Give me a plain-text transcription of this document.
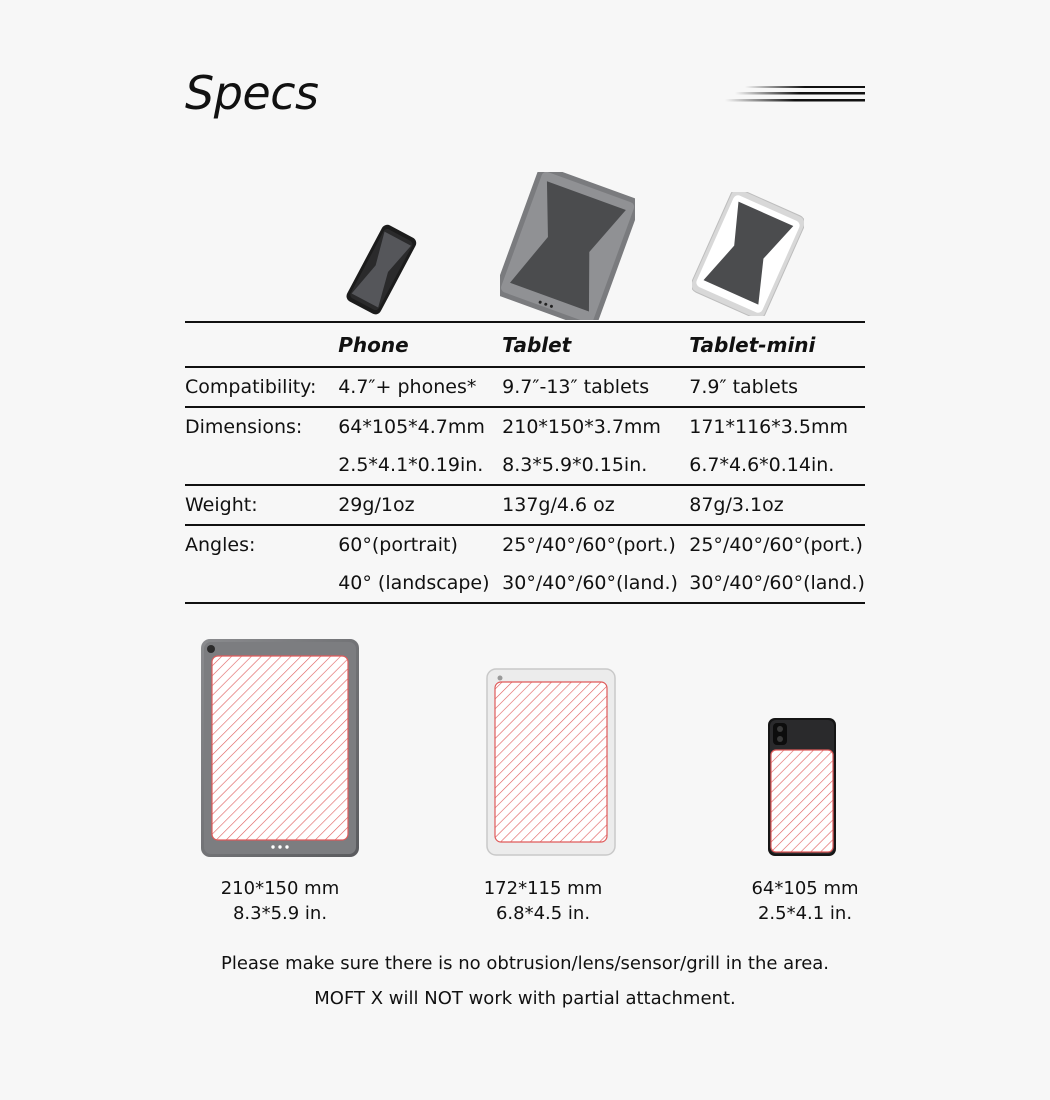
Specs
	Phone	Tablet	Tablet-mini
Compatibility:	4.7″+ phones*	9.7″-13″ tablets	7.9″ tablets
Dimensions:	64*105*4.7mm	210*150*3.7mm	171*116*3.5mm
	2.5*4.1*0.19in.	8.3*5.9*0.15in.	6.7*4.6*0.14in.
Weight:	29g/1oz	137g/4.6 oz	87g/3.1oz
Angles:	60°(portrait)	25°/40°/60°(port.)	25°/40°/60°(port.)
	40° (landscape)	30°/40°/60°(land.)	30°/40°/60°(land.)
210*150 mm
8.3*5.9 in.
172*115 mm
6.8*4.5 in.
64*105 mm
2.5*4.1 in.
Please make sure there is no obtrusion/lens/sensor/grill in the area.
MOFT X will NOT work with partial attachment.
